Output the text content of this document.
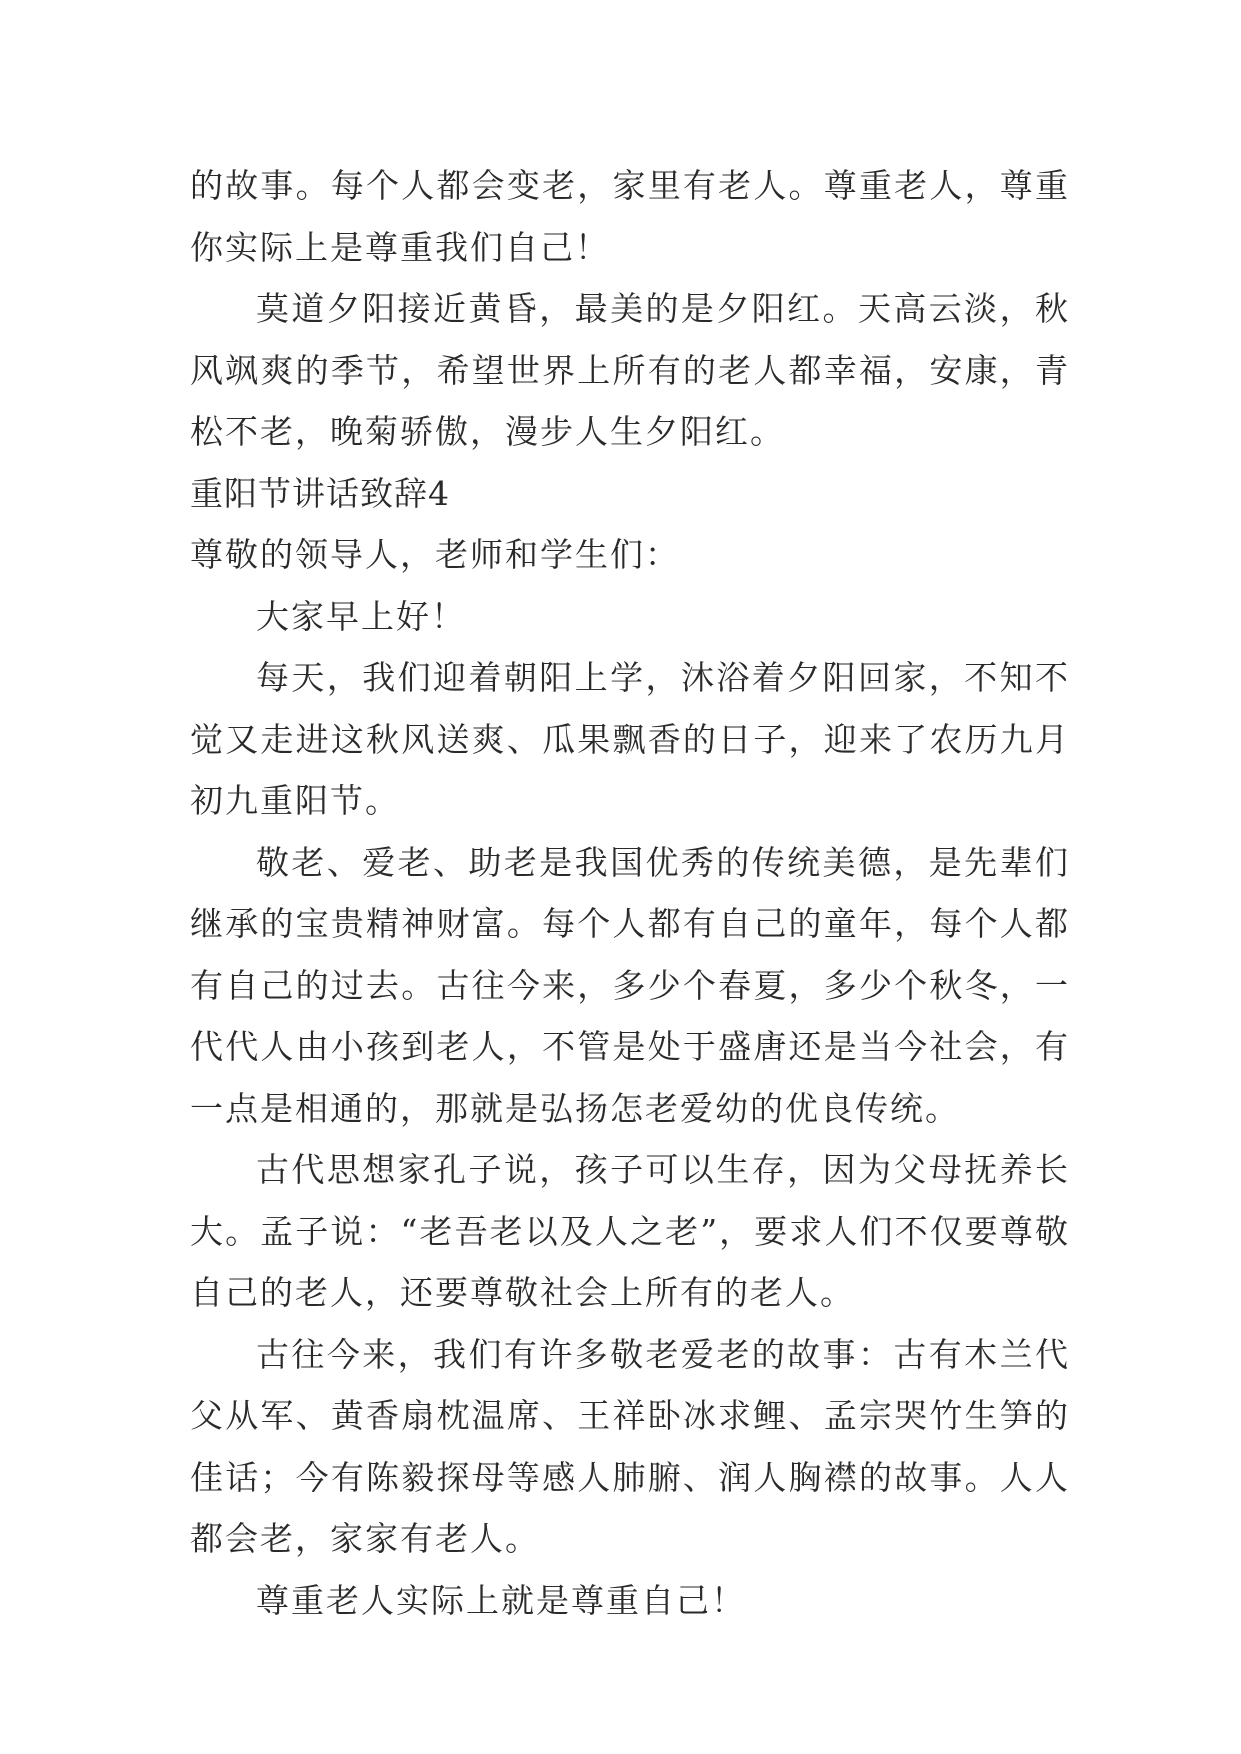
的故事。每个人都会变老，家里有老人。尊重老人，尊重你实际上是尊重我们自己！

莫道夕阳接近黄昏，最美的是夕阳红。天高云淡，秋风飒爽的季节，希望世界上所有的老人都幸福，安康，青松不老，晚菊骄傲，漫步人生夕阳红。

重阳节讲话致辞4

尊敬的领导人，老师和学生们：

大家早上好！

每天，我们迎着朝阳上学，沐浴着夕阳回家，不知不觉又走进这秋风送爽、瓜果飘香的日子，迎来了农历九月初九重阳节。

敬老、爱老、助老是我国优秀的传统美德，是先辈们继承的宝贵精神财富。每个人都有自己的童年，每个人都有自己的过去。古往今来，多少个春夏，多少个秋冬，一代代人由小孩到老人，不管是处于盛唐还是当今社会，有一点是相通的，那就是弘扬怎老爱幼的优良传统。

古代思想家孔子说，孩子可以生存，因为父母抚养长大。孟子说：“老吾老以及人之老”，要求人们不仅要尊敬自己的老人，还要尊敬社会上所有的老人。

古往今来，我们有许多敬老爱老的故事：古有木兰代父从军、黄香扇枕温席、王祥卧冰求鲤、孟宗哭竹生笋的佳话；今有陈毅探母等感人肺腑、润人胸襟的故事。人人都会老，家家有老人。

尊重老人实际上就是尊重自己！
